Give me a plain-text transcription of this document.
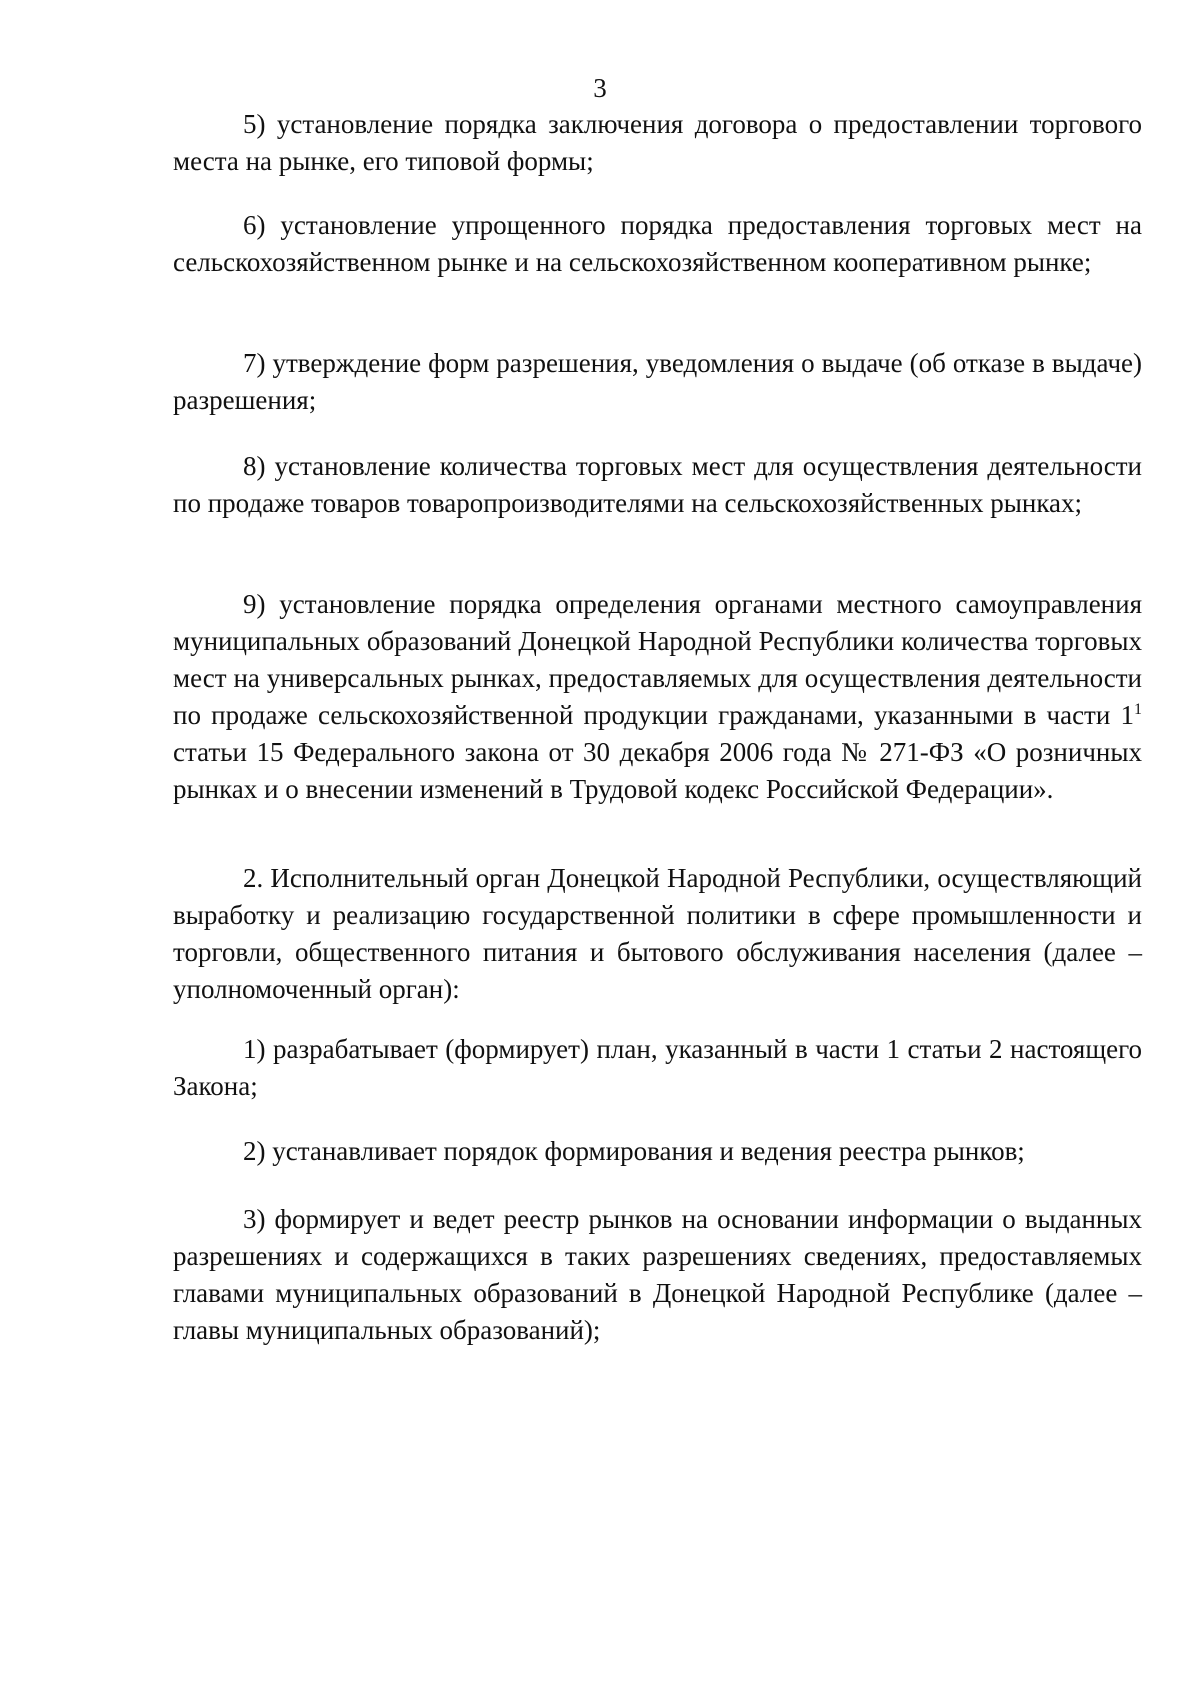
3

5) установление порядка заключения договора о предоставлении торгового места на рынке, его типовой формы;

6) установление упрощенного порядка предоставления торговых мест на сельскохозяйственном рынке и на сельскохозяйственном кооперативном рынке;

7) утверждение форм разрешения, уведомления о выдаче (об отказе в выдаче) разрешения;

8) установление количества торговых мест для осуществления деятельности по продаже товаров товаропроизводителями на сельскохозяйственных рынках;

9) установление порядка определения органами местного самоуправления муниципальных образований Донецкой Народной Республики количества торговых мест на универсальных рынках, предоставляемых для осуществления деятельности по продаже сельскохозяйственной продукции гражданами, указанными в части $1^1$ статьи 15 Федерального закона от 30 декабря 2006 года № 271-ФЗ «О розничных рынках и о внесении изменений в Трудовой кодекс Российской Федерации».

2. Исполнительный орган Донецкой Народной Республики, осуществляющий выработку и реализацию государственной политики в сфере промышленности и торговли, общественного питания и бытового обслуживания населения (далее – уполномоченный орган):

1) разрабатывает (формирует) план, указанный в части 1 статьи 2 настоящего Закона;

2) устанавливает порядок формирования и ведения реестра рынков;

3) формирует и ведет реестр рынков на основании информации о выданных разрешениях и содержащихся в таких разрешениях сведениях, предоставляемых главами муниципальных образований в Донецкой Народной Республике (далее – главы муниципальных образований);
